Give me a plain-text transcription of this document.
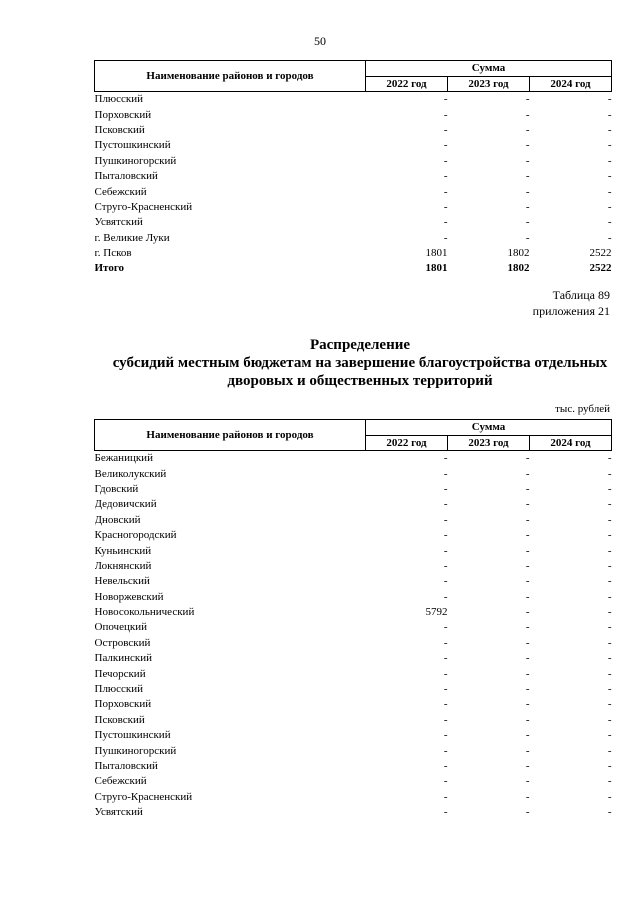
50
Наименование районов и городов	Сумма		
	2022 год	2023 год	2024 год
Плюсский	-	-	-
Порховский	-	-	-
Псковский	-	-	-
Пустошкинский	-	-	-
Пушкиногорский	-	-	-
Пыталовский	-	-	-
Себежский	-	-	-
Струго-Красненский	-	-	-
Усвятский	-	-	-
г. Великие Луки	-	-	-
г. Псков	1801	1802	2522
Итого	1801	1802	2522
Таблица 89
приложения 21
Распределение
субсидий местным бюджетам на завершение благоустройства отдельных
дворовых и общественных территорий
тыс. рублей
Наименование районов и городов	Сумма		
	2022 год	2023 год	2024 год
Бежаницкий	-	-	-
Великолукский	-	-	-
Гдовский	-	-	-
Дедовичский	-	-	-
Дновский	-	-	-
Красногородский	-	-	-
Куньинский	-	-	-
Локнянский	-	-	-
Невельский	-	-	-
Новоржевский	-	-	-
Новосокольнический	5792	-	-
Опочецкий	-	-	-
Островский	-	-	-
Палкинский	-	-	-
Печорский	-	-	-
Плюсский	-	-	-
Порховский	-	-	-
Псковский	-	-	-
Пустошкинский	-	-	-
Пушкиногорский	-	-	-
Пыталовский	-	-	-
Себежский	-	-	-
Струго-Красненский	-	-	-
Усвятский	-	-	-
